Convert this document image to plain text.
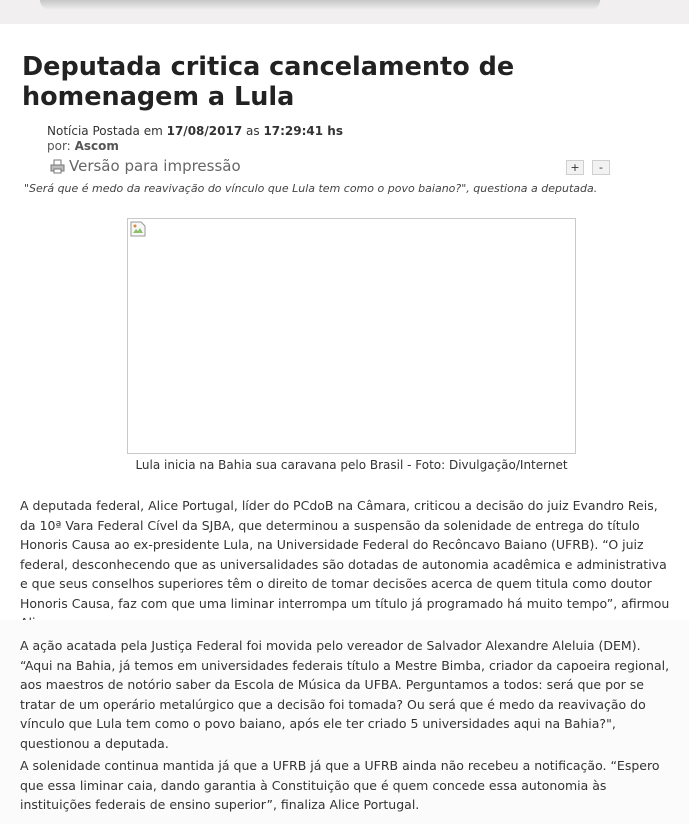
Deputada critica cancelamento de homenagem a Lula
Notícia Postada em 17/08/2017 as 17:29:41 hs
por: Ascom
Versão para impressão	+	-
"Será que é medo da reavivação do vínculo que Lula tem como o povo baiano?", questiona a deputada.
Lula inicia na Bahia sua caravana pelo Brasil - Foto: Divulgação/Internet

A deputada federal, Alice Portugal, líder do PCdoB na Câmara, criticou a decisão do juiz Evandro Reis, da 10ª Vara Federal Cível da SJBA, que determinou a suspensão da solenidade de entrega do título Honoris Causa ao ex-presidente Lula, na Universidade Federal do Recôncavo Baiano (UFRB). “O juiz federal, desconhecendo que as universalidades são dotadas de autonomia acadêmica e administrativa e que seus conselhos superiores têm o direito de tomar decisões acerca de quem titula como doutor Honoris Causa, faz com que uma liminar interrompa um título já programado há muito tempo”, afirmou

A ação acatada pela Justiça Federal foi movida pelo vereador de Salvador Alexandre Aleluia (DEM). “Aqui na Bahia, já temos em universidades federais título a Mestre Bimba, criador da capoeira regional, aos maestros de notório saber da Escola de Música da UFBA. Perguntamos a todos: será que por se tratar de um operário metalúrgico que a decisão foi tomada? Ou será que é medo da reavivação do vínculo que Lula tem como o povo baiano, após ele ter criado 5 universidades aqui na Bahia?", questionou a deputada.

A solenidade continua mantida já que a UFRB já que a UFRB ainda não recebeu a notificação. “Espero que essa liminar caia, dando garantia à Constituição que é quem concede essa autonomia às instituições federais de ensino superior”, finaliza Alice Portugal.
